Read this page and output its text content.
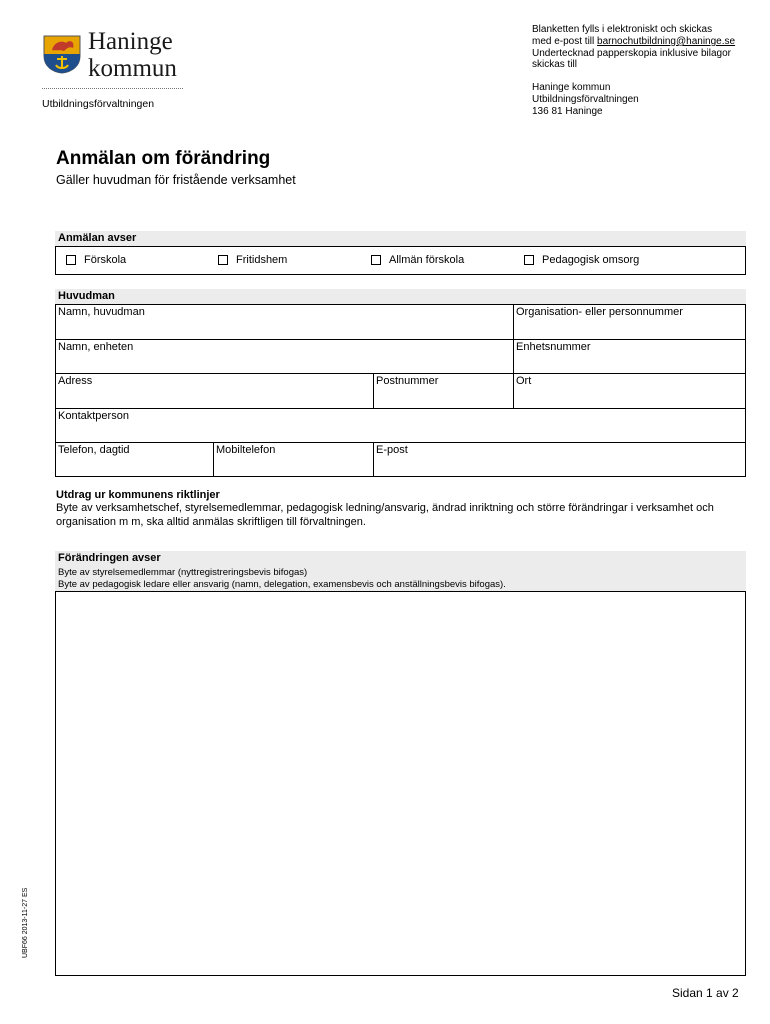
Haninge
kommun
Utbildningsförvaltningen
Blanketten fylls i elektroniskt och skickas
med e-post till barnochutbildning@haninge.se
Undertecknad papperskopia inklusive bilagor
skickas till
Haninge kommun
Utbildningsförvaltningen
136 81 Haninge
Anmälan om förändring
Gäller huvudman för fristående verksamhet
Anmälan avser
Förskola	Fritidshem	Allmän förskola	Pedagogisk omsorg
Huvudman
Namn, huvudman	Organisation- eller personnummer
Namn, enheten	Enhetsnummer
Adress	Postnummer	Ort
Kontaktperson
Telefon, dagtid	Mobiltelefon	E-post
Utdrag ur kommunens riktlinjer
Byte av verksamhetschef, styrelsemedlemmar, pedagogisk ledning/ansvarig, ändrad inriktning och större förändringar i verksamhet och organisation m m, ska alltid anmälas skriftligen till förvaltningen.
Förändringen avser
Byte av styrelsemedlemmar (nyttregistreringsbevis bifogas)
Byte av pedagogisk ledare eller ansvarig (namn, delegation, examensbevis och anställningsbevis bifogas).
UBF66 2013-11-27 ES
Sidan 1 av 2
